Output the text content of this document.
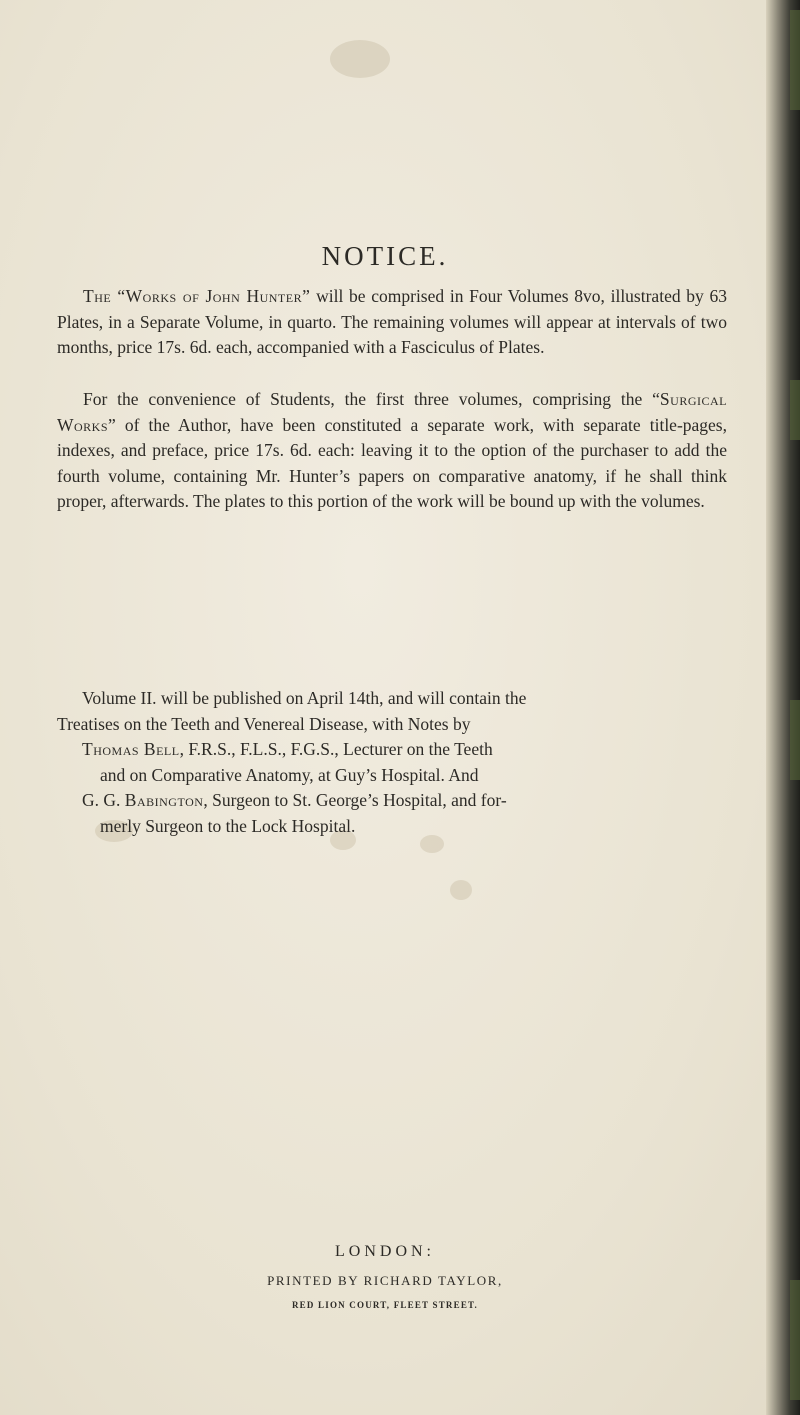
NOTICE.
The “Works of John Hunter” will be comprised in Four Volumes 8vo, illustrated by 63 Plates, in a Separate Volume, in quarto. The remaining volumes will appear at intervals of two months, price 17s. 6d. each, accompanied with a Fasciculus of Plates.
For the convenience of Students, the first three volumes, comprising the “Surgical Works” of the Author, have been constituted a separate work, with separate title-pages, indexes, and preface, price 17s. 6d. each: leaving it to the option of the purchaser to add the fourth volume, containing Mr. Hunter’s papers on comparative anatomy, if he shall think proper, afterwards. The plates to this portion of the work will be bound up with the volumes.
Volume II. will be published on April 14th, and will contain the
Treatises on the Teeth and Venereal Disease, with Notes by
Thomas Bell, F.R.S., F.L.S., F.G.S., Lecturer on the Teeth
and on Comparative Anatomy, at Guy’s Hospital. And
G. G. Babington, Surgeon to St. George’s Hospital, and for-
merly Surgeon to the Lock Hospital.
LONDON:
PRINTED BY RICHARD TAYLOR,
RED LION COURT, FLEET STREET.
